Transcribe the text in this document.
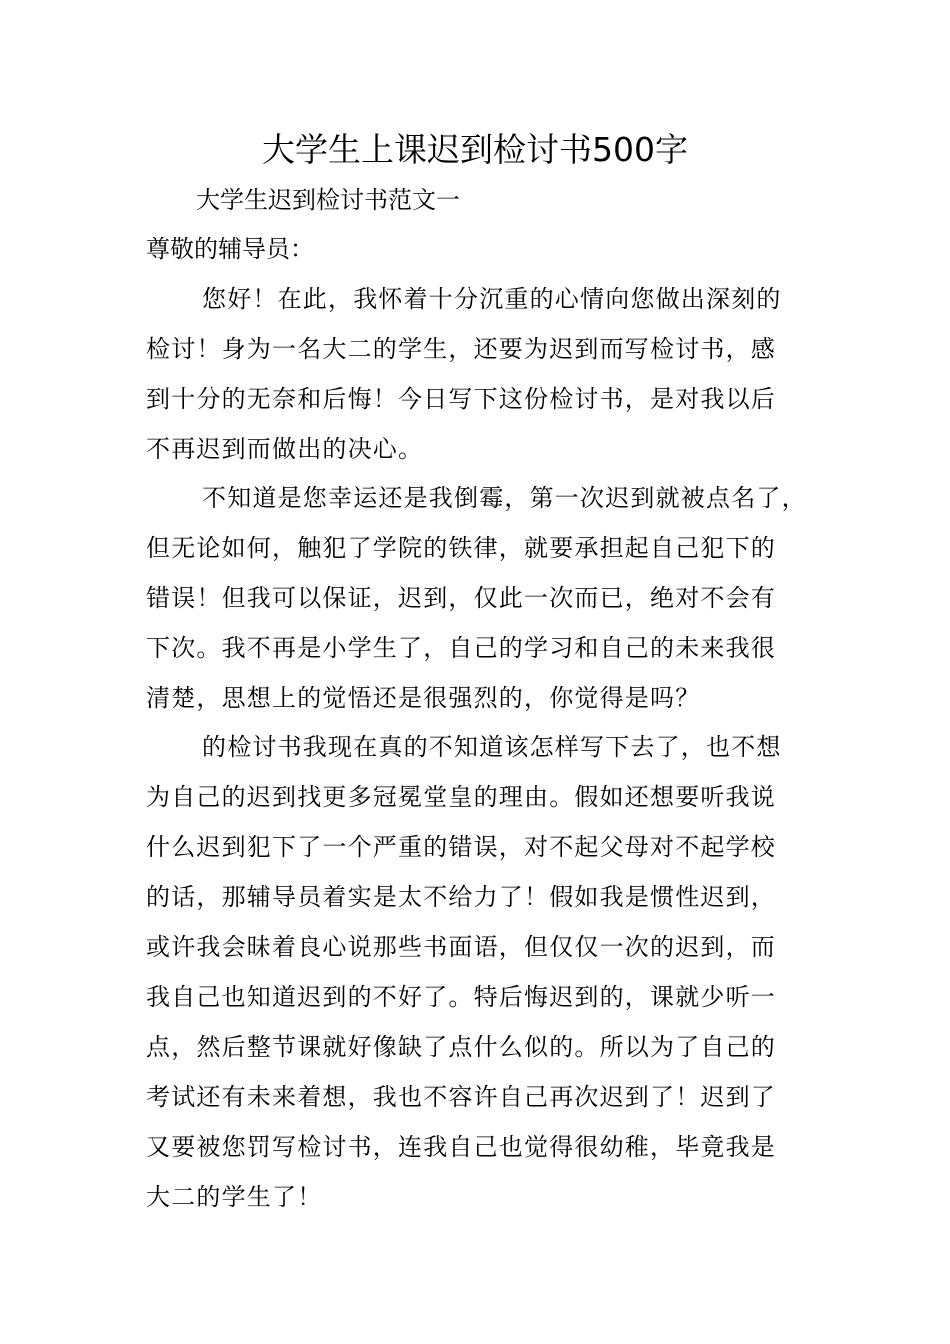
大学生上课迟到检讨书500字
大学生迟到检讨书范文一
尊敬的辅导员：
您好！在此，我怀着十分沉重的心情向您做出深刻的
检讨！身为一名大二的学生，还要为迟到而写检讨书，感
到十分的无奈和后悔！今日写下这份检讨书，是对我以后
不再迟到而做出的决心。
不知道是您幸运还是我倒霉，第一次迟到就被点名了，
但无论如何，触犯了学院的铁律，就要承担起自己犯下的
错误！但我可以保证，迟到，仅此一次而已，绝对不会有
下次。我不再是小学生了，自己的学习和自己的未来我很
清楚，思想上的觉悟还是很强烈的，你觉得是吗？
的检讨书我现在真的不知道该怎样写下去了，也不想
为自己的迟到找更多冠冕堂皇的理由。假如还想要听我说
什么迟到犯下了一个严重的错误，对不起父母对不起学校
的话，那辅导员着实是太不给力了！假如我是惯性迟到，
或许我会昧着良心说那些书面语，但仅仅一次的迟到，而
我自己也知道迟到的不好了。特后悔迟到的，课就少听一
点，然后整节课就好像缺了点什么似的。所以为了自己的
考试还有未来着想，我也不容许自己再次迟到了！迟到了
又要被您罚写检讨书，连我自己也觉得很幼稚，毕竟我是
大二的学生了！
